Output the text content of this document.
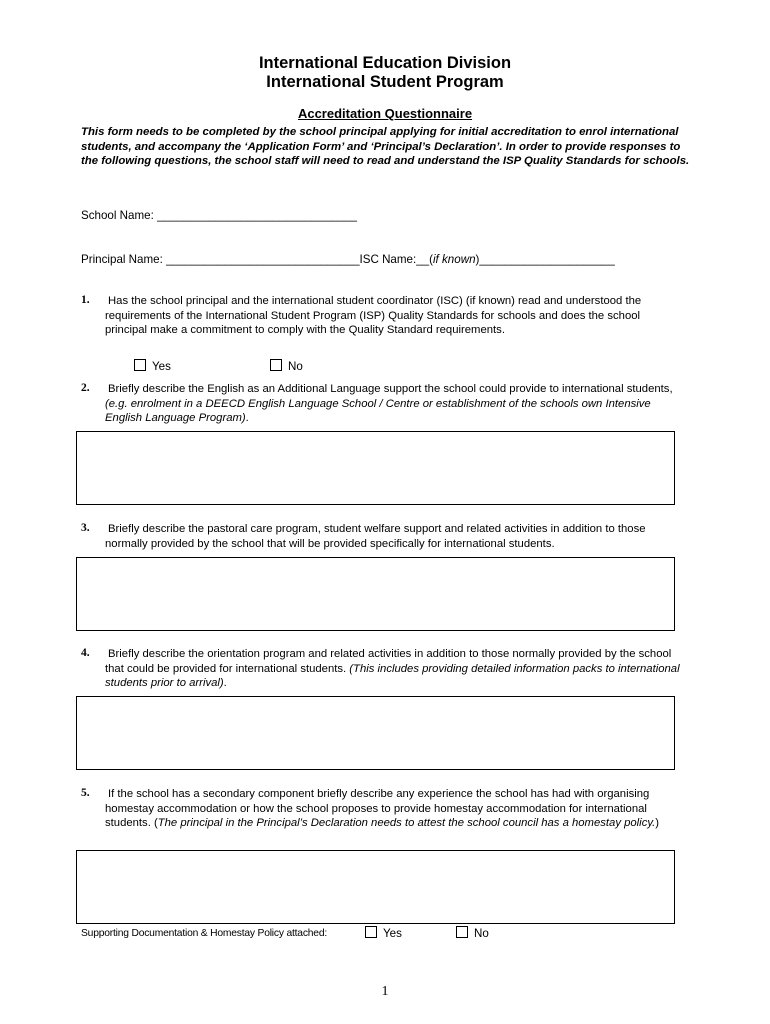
International Education Division
International Student Program
Accreditation Questionnaire
This form needs to be completed by the school principal applying for initial accreditation to enrol international students, and accompany the ‘Application Form’ and ‘Principal’s Declaration’. In order to provide responses to the following questions, the school staff will need to read and understand the ISP Quality Standards for schools.
School Name: _______________________________
Principal Name: ______________________________ISC Name:__(if known)_____________________
1. Has the school principal and the international student coordinator (ISC) (if known) read and understood the requirements of the International Student Program (ISP) Quality Standards for schools and does the school principal make a commitment to comply with the Quality Standard requirements.
Yes	No
2. Briefly describe the English as an Additional Language support the school could provide to international students, (e.g. enrolment in a DEECD English Language School / Centre or establishment of the schools own Intensive English Language Program).
3. Briefly describe the pastoral care program, student welfare support and related activities in addition to those normally provided by the school that will be provided specifically for international students.
4. Briefly describe the orientation program and related activities in addition to those normally provided by the school that could be provided for international students. (This includes providing detailed information packs to international students prior to arrival).
5. If the school has a secondary component briefly describe any experience the school has had with organising homestay accommodation or how the school proposes to provide homestay accommodation for international students. (The principal in the Principal’s Declaration needs to attest the school council has a homestay policy.)
Supporting Documentation & Homestay Policy attached:	Yes	No
1
